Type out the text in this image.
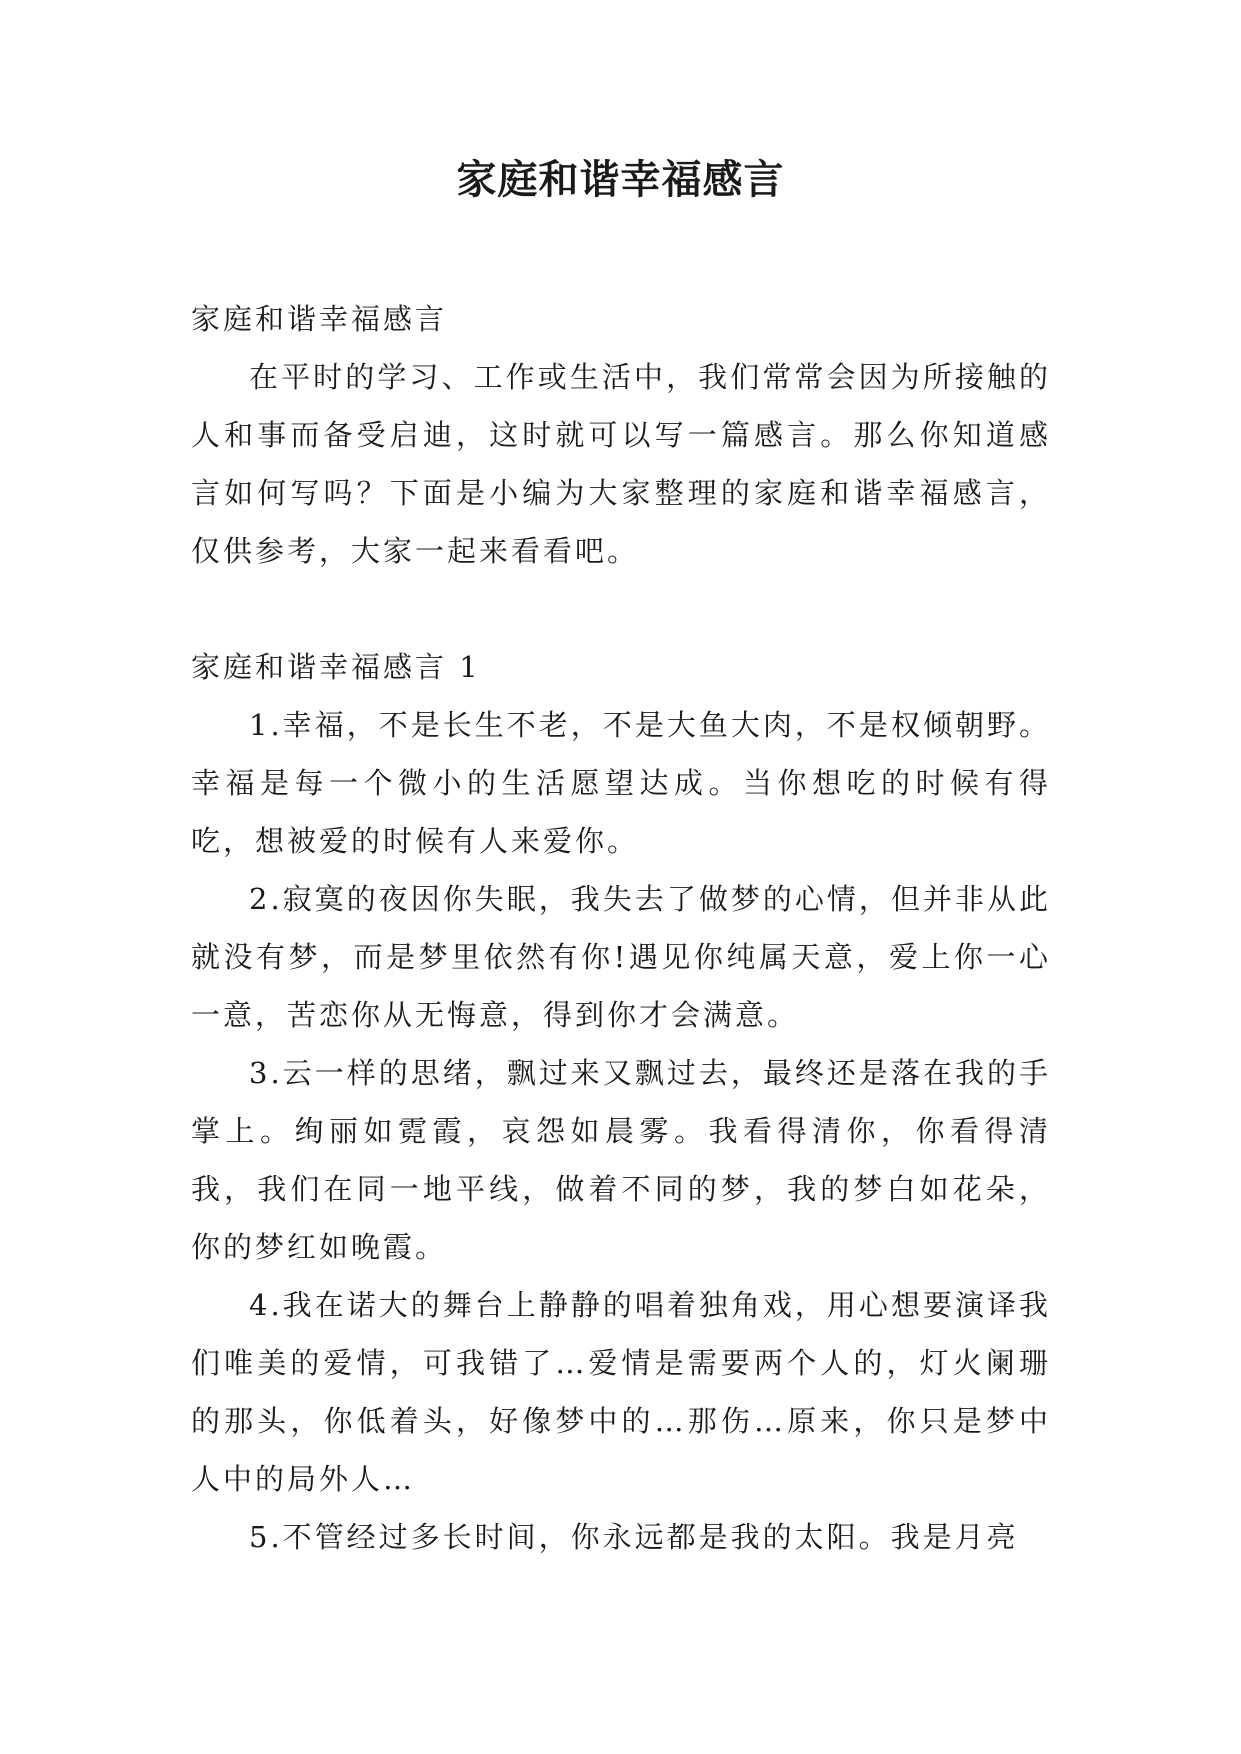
家庭和谐幸福感言

家庭和谐幸福感言

在平时的学习、工作或生活中，我们常常会因为所接触的人和事而备受启迪，这时就可以写一篇感言。那么你知道感言如何写吗？下面是小编为大家整理的家庭和谐幸福感言，仅供参考，大家一起来看看吧。

家庭和谐幸福感言 1

1.幸福，不是长生不老，不是大鱼大肉，不是权倾朝野。幸福是每一个微小的生活愿望达成。当你想吃的时候有得吃，想被爱的时候有人来爱你。

2.寂寞的夜因你失眠，我失去了做梦的心情，但并非从此就没有梦，而是梦里依然有你!遇见你纯属天意，爱上你一心一意，苦恋你从无悔意，得到你才会满意。

3.云一样的思绪，飘过来又飘过去，最终还是落在我的手掌上。绚丽如霓霞，哀怨如晨雾。我看得清你，你看得清我，我们在同一地平线，做着不同的梦，我的梦白如花朵，你的梦红如晚霞。

4.我在诺大的舞台上静静的唱着独角戏，用心想要演译我们唯美的爱情，可我错了…爱情是需要两个人的，灯火阑珊的那头，你低着头，好像梦中的…那伤…原来，你只是梦中人中的局外人…

5.不管经过多长时间，你永远都是我的太阳。我是月亮
